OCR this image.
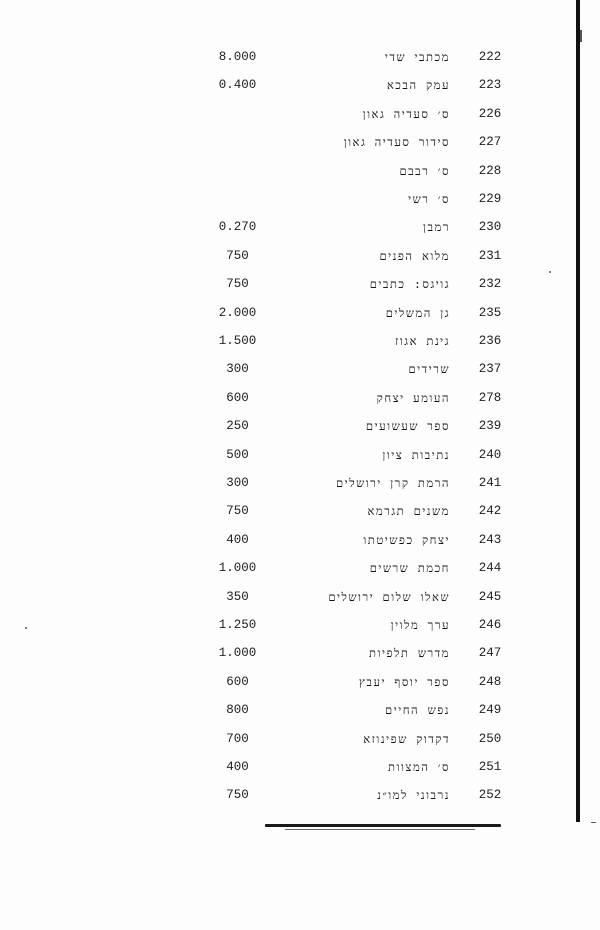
8.000	מכתבי שדי	222
0.400	עמק הבכא	223
ס׳ סעדיה גאון	226
סידור סעדיה גאון	227
ס׳ רבבם	228
ס׳ רשי	229
0.270	רמבן	230
750	מלוא הפנים	231
750	גויגס: כתבים	232
2.000	גן המשלים	235
1.500	גינת אגוז	236
300	שרידים	237
600	העומע יצחק	278
250	ספר שעשועים	239
500	נתיבות ציון	240
300	הרמת קרן ירושלים	241
750	משנים תגרמא	242
400	יצחק כפשיטתו	243
1.000	חכמת שרשים	244
350	שאלו שלום ירושלים	245
1.250	ערך מלוין	246
1.000	מדרש תלפיות	247
600	ספר יוסף יעבץ	248
800	נפש החיים	249
700	דקדוק שפינוזא	250
400	ס׳ המצוות	251
750	נרבוני למו״נ	252
